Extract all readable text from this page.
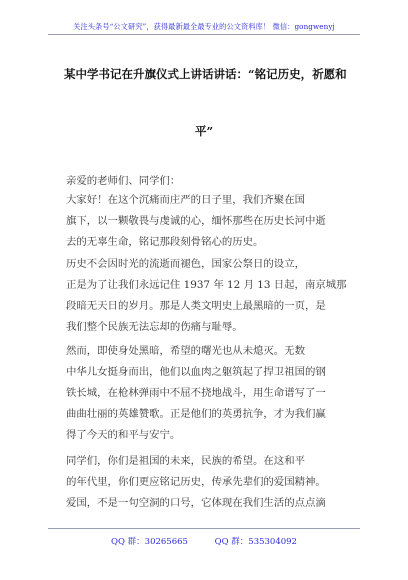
关注头条号“公文研究”，获得最新最全最专业的公文资料库！ 微信：gongwenyj
某中学书记在升旗仪式上讲话讲话：“铭记历史，祈愿和
平”
亲爱的老师们、同学们：
大家好！在这个沉痛而庄严的日子里，我们齐聚在国
旗下，以一颗敬畏与虔诚的心，缅怀那些在历史长河中逝
去的无辜生命，铭记那段刻骨铭心的历史。
历史不会因时光的流逝而褪色，国家公祭日的设立，
正是为了让我们永远记住 1937 年 12 月 13 日起，南京城那
段暗无天日的岁月。那是人类文明史上最黑暗的一页，是
我们整个民族无法忘却的伤痛与耻辱。
然而，即使身处黑暗，希望的曙光也从未熄灭。无数
中华儿女挺身而出，他们以血肉之躯筑起了捍卫祖国的钢
铁长城，在枪林弹雨中不屈不挠地战斗，用生命谱写了一
曲曲壮丽的英雄赞歌。正是他们的英勇抗争，才为我们赢
得了今天的和平与安宁。
同学们，你们是祖国的未来，民族的希望。在这和平
的年代里，你们更应铭记历史，传承先辈们的爱国精神。
爱国，不是一句空洞的口号，它体现在我们生活的点点滴
QQ 群：30265665	QQ 群：535304092
